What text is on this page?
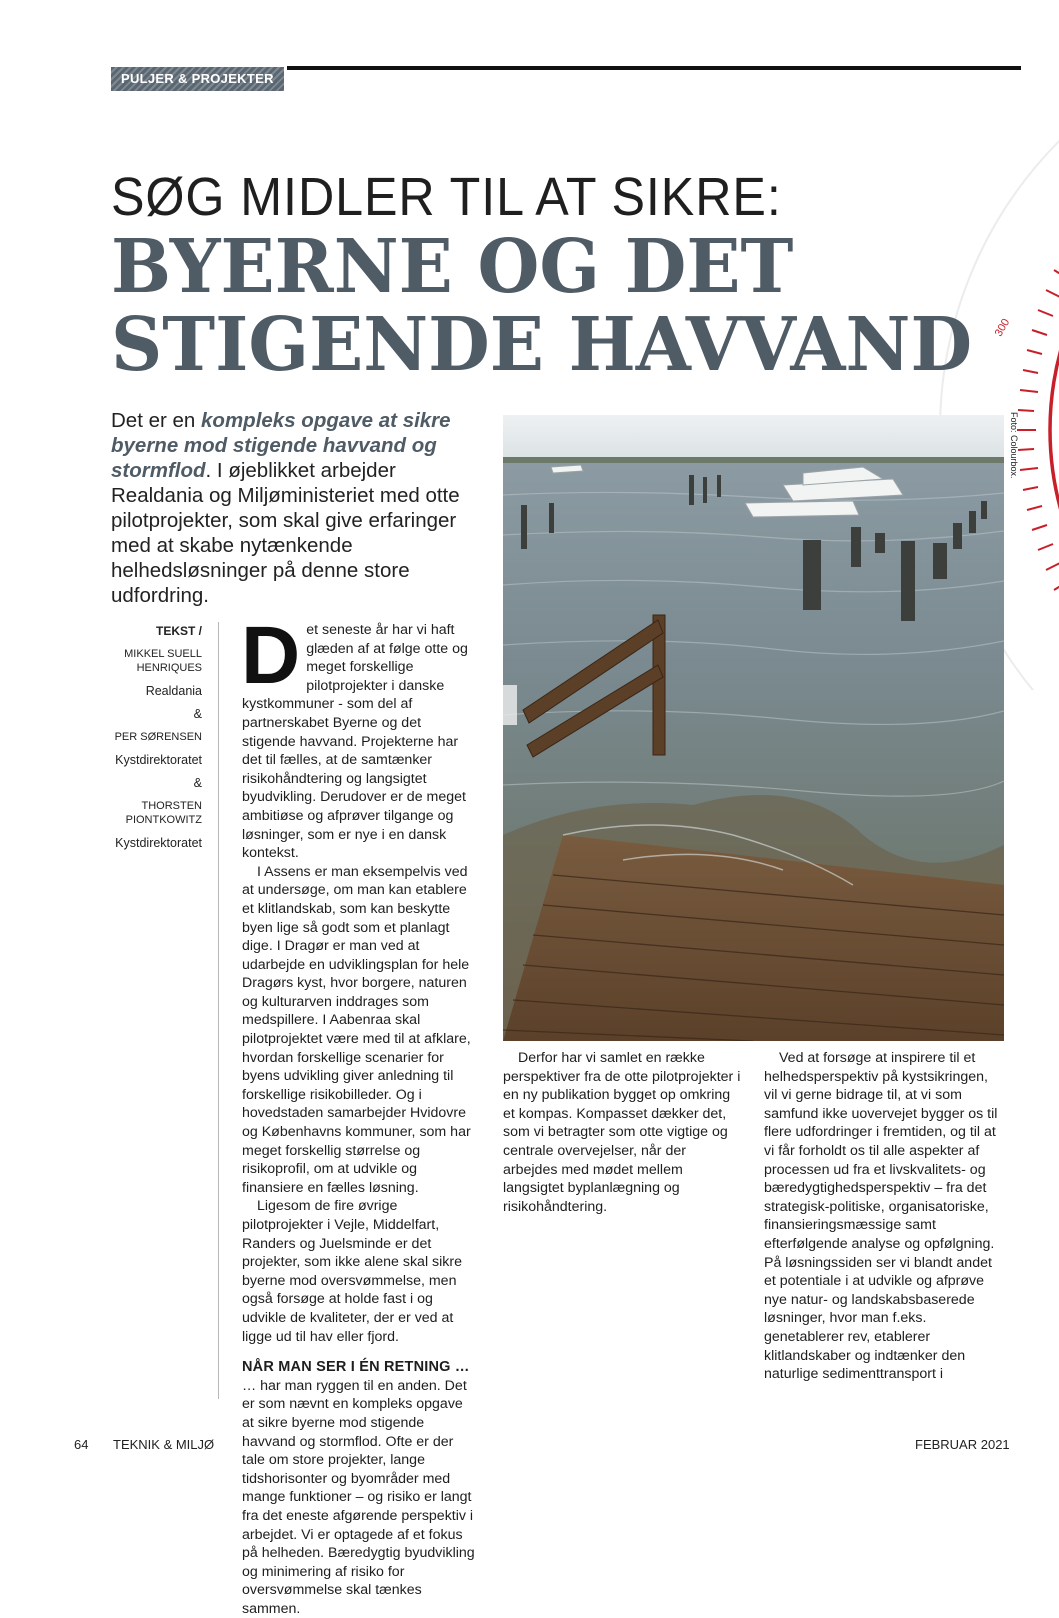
PULJER & PROJEKTER
300
SØG MIDLER TIL AT SIKRE:
BYERNE OG DET
STIGENDE HAVVAND
Det er en kompleks opgave at sikre byerne mod stigende havvand og stormflod. I øjeblikket arbejder Realdania og Miljøministeriet med otte pilotprojekter, som skal give erfaringer med at skabe nytænkende helhedsløsninger på denne store udfordring.

TEKST /

MIKKEL SUELL HENRIQUES

Realdania

&

PER SØRENSEN

Kystdirektoratet

&

THORSTEN PIONTKOWITZ

Kystdirektoratet

Det seneste år har vi haft glæden af at følge otte og meget forskellige pilotprojekter i danske kystkommuner - som del af partnerskabet Byerne og det stigende havvand. Projekterne har det til fælles, at de samtænker risikohåndtering og langsigtet byudvikling. Derudover er de meget ambitiøse og afprøver tilgange og løsninger, som er nye i en dansk kontekst.

I Assens er man eksempelvis ved at undersøge, om man kan etablere et klitlandskab, som kan beskytte byen lige så godt som et planlagt dige. I Dragør er man ved at udarbejde en udviklingsplan for hele Dragørs kyst, hvor borgere, naturen og kulturarven inddrages som medspillere. I Aabenraa skal pilotprojektet være med til at afklare, hvordan forskellige scenarier for byens udvikling giver anledning til forskellige risikobilleder. Og i hovedstaden samarbejder Hvidovre og Københavns kommuner, som har meget forskellig størrelse og risikoprofil, om at udvikle og finansiere en fælles løsning.

Ligesom de fire øvrige pilotprojekter i Vejle, Middelfart, Randers og Juelsminde er det projekter, som ikke alene skal sikre byerne mod oversvømmelse, men også forsøge at holde fast i og udvikle de kvaliteter, der er ved at ligge ud til hav eller fjord.

NÅR MAN SER I ÉN RETNING …

… har man ryggen til en anden. Det er som nævnt en kompleks opgave at sikre byerne mod stigende havvand og stormflod. Ofte er der tale om store projekter, lange tidshorisonter og byområder med mange funktioner – og risiko er langt fra det eneste afgørende perspektiv i arbejdet. Vi er optagede af et fokus på helheden. Bæredygtig byudvikling og minimering af risiko for oversvømmelse skal tænkes sammen.

Foto: Colourbox.

Derfor har vi samlet en række perspektiver fra de otte pilotprojekter i en ny publikation bygget op omkring et kompas. Kompasset dækker det, som vi betragter som otte vigtige og centrale overvejelser, når der arbejdes med mødet mellem langsigtet byplanlægning og risikohåndtering.

Ved at forsøge at inspirere til et helhedsperspektiv på kystsikringen, vil vi gerne bidrage til, at vi som samfund ikke uovervejet bygger os til flere udfordringer i fremtiden, og til at vi får forholdt os til alle aspekter af processen ud fra et livskvalitets- og bæredygtighedsperspektiv – fra det strategisk-politiske, organisatoriske, finansieringsmæssige samt efterfølgende analyse og opfølgning. På løsningssiden ser vi blandt andet et potentiale i at udvikle og afprøve nye natur- og landskabsbaserede løsninger, hvor man f.eks. genetablerer rev, etablerer klitlandskaber og indtænker den naturlige sedimenttransport i

64 TEKNIK & MILJØ	FEBRUAR 2021
